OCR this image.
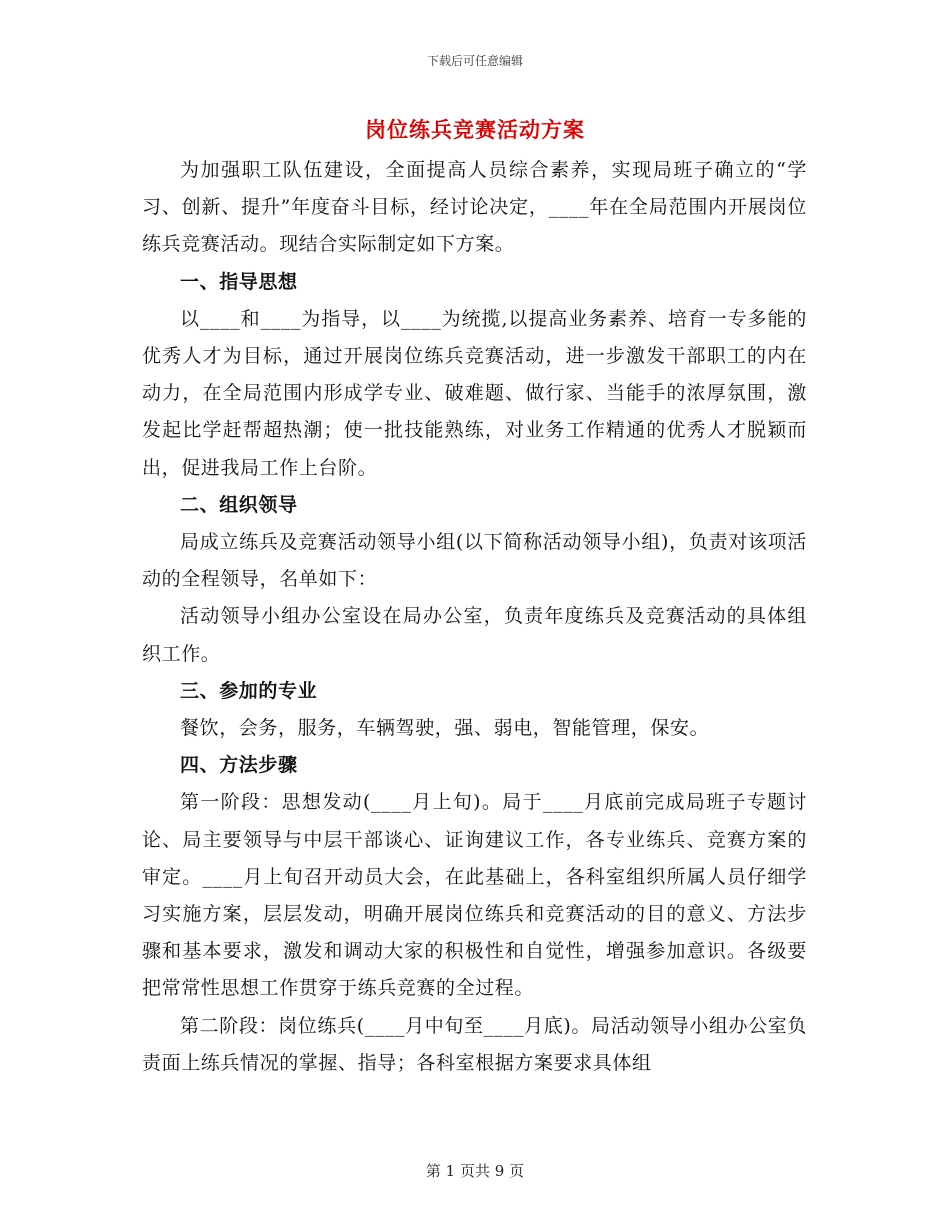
下载后可任意编辑
岗位练兵竞赛活动方案

为加强职工队伍建设，全面提高人员综合素养，实现局班子确立的“学习、创新、提升”年度奋斗目标，经讨论决定，____年在全局范围内开展岗位练兵竞赛活动。现结合实际制定如下方案。

一、指导思想

以____和____为指导，以____为统揽,以提高业务素养、培育一专多能的优秀人才为目标，通过开展岗位练兵竞赛活动，进一步激发干部职工的内在动力，在全局范围内形成学专业、破难题、做行家、当能手的浓厚氛围，激发起比学赶帮超热潮；使一批技能熟练，对业务工作精通的优秀人才脱颖而出，促进我局工作上台阶。

二、组织领导

局成立练兵及竞赛活动领导小组(以下简称活动领导小组)，负责对该项活动的全程领导，名单如下：

活动领导小组办公室设在局办公室，负责年度练兵及竞赛活动的具体组织工作。

三、参加的专业

餐饮，会务，服务，车辆驾驶，强、弱电，智能管理，保安。

四、方法步骤

第一阶段：思想发动(____月上旬)。局于____月底前完成局班子专题讨论、局主要领导与中层干部谈心、证询建议工作，各专业练兵、竞赛方案的审定。____月上旬召开动员大会，在此基础上，各科室组织所属人员仔细学习实施方案，层层发动，明确开展岗位练兵和竞赛活动的目的意义、方法步骤和基本要求，激发和调动大家的积极性和自觉性，增强参加意识。各级要把常常性思想工作贯穿于练兵竞赛的全过程。

第二阶段：岗位练兵(____月中旬至____月底)。局活动领导小组办公室负责面上练兵情况的掌握、指导；各科室根据方案要求具体组

第 1 页共 9 页
